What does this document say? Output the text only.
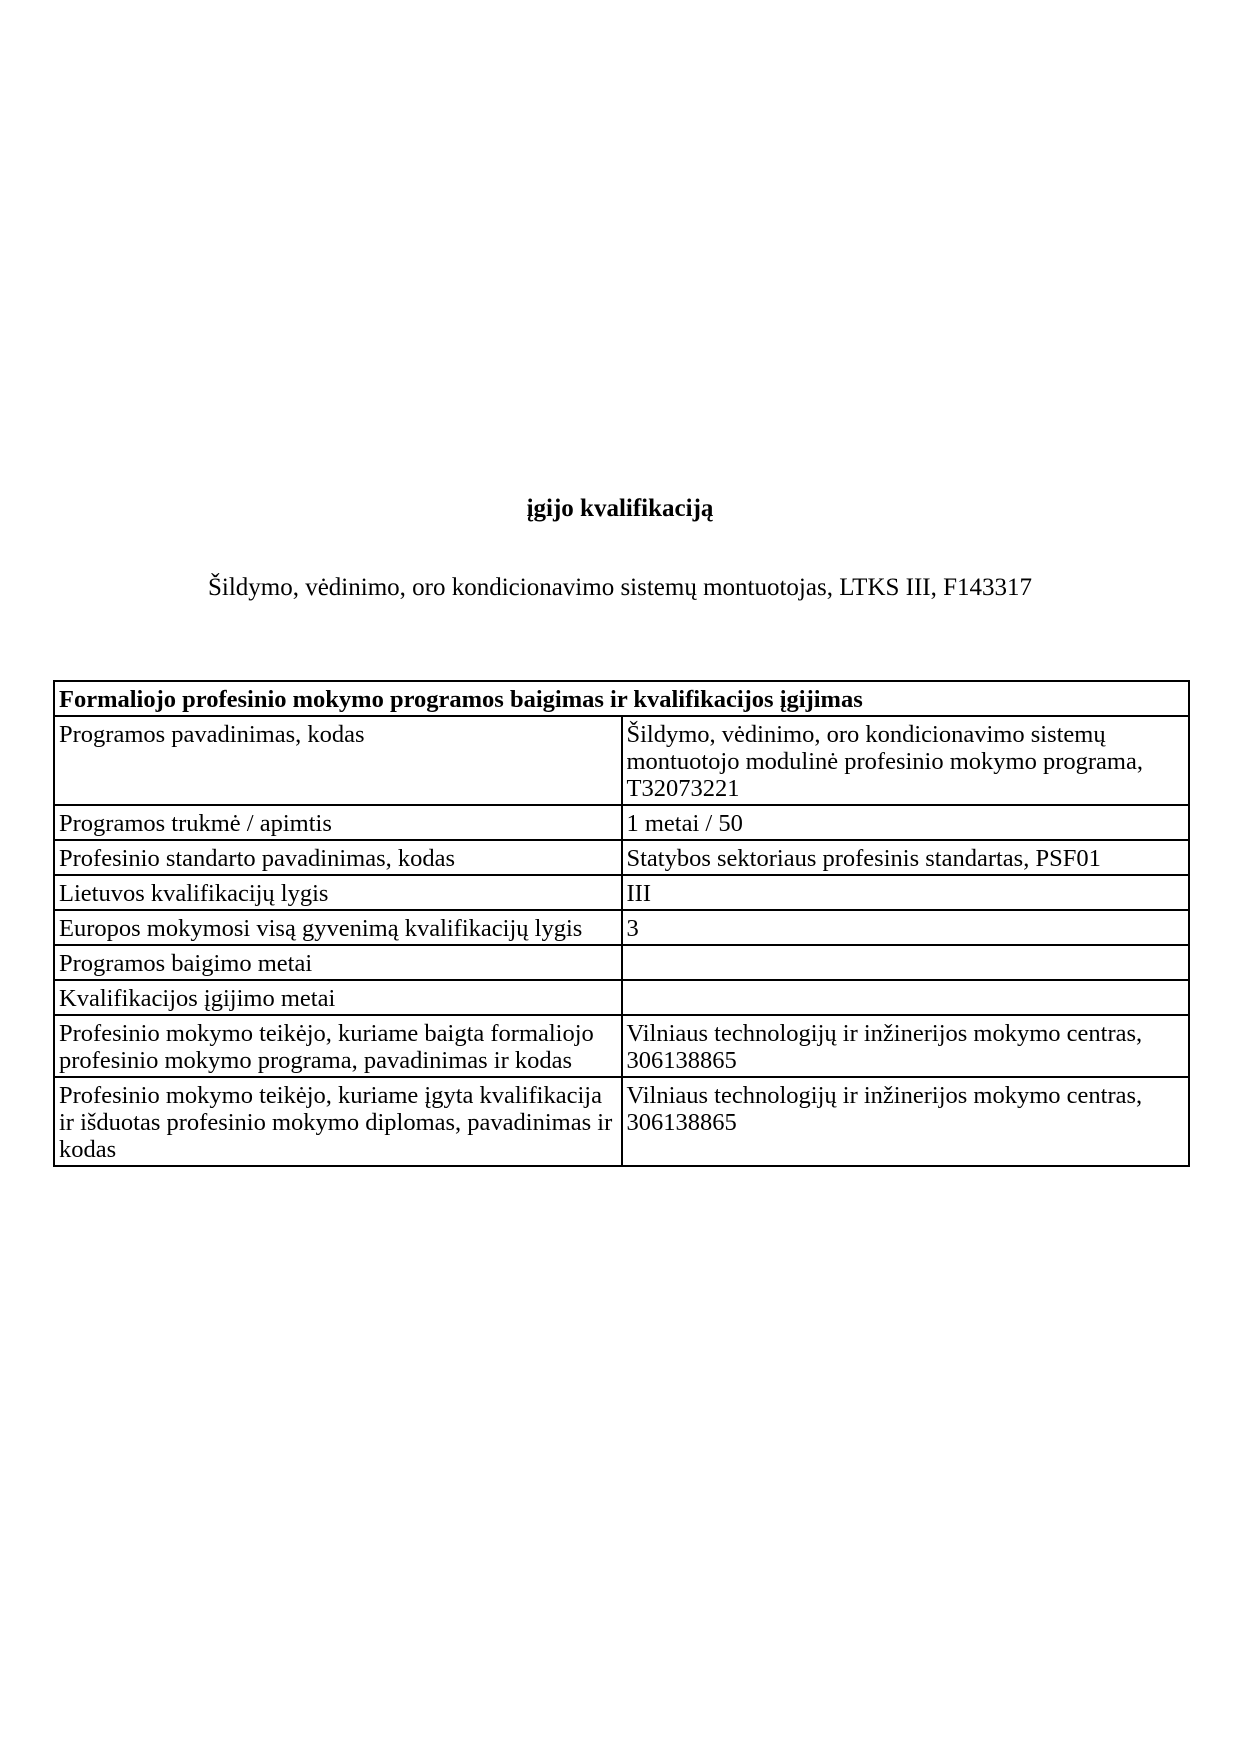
įgijo kvalifikaciją
Šildymo, vėdinimo, oro kondicionavimo sistemų montuotojas, LTKS III, F143317
Formaliojo profesinio mokymo programos baigimas ir kvalifikacijos įgijimas	
Programos pavadinimas, kodas	Šildymo, vėdinimo, oro kondicionavimo sistemų montuotojo modulinė profesinio mokymo programa, T32073221
Programos trukmė / apimtis	1 metai / 50
Profesinio standarto pavadinimas, kodas	Statybos sektoriaus profesinis standartas, PSF01
Lietuvos kvalifikacijų lygis	III
Europos mokymosi visą gyvenimą kvalifikacijų lygis	3
Programos baigimo metai	
Kvalifikacijos įgijimo metai	
Profesinio mokymo teikėjo, kuriame baigta formaliojo profesinio mokymo programa, pavadinimas ir kodas	Vilniaus technologijų ir inžinerijos mokymo centras, 306138865
Profesinio mokymo teikėjo, kuriame įgyta kvalifikacija ir išduotas profesinio mokymo diplomas, pavadinimas ir kodas	Vilniaus technologijų ir inžinerijos mokymo centras, 306138865
